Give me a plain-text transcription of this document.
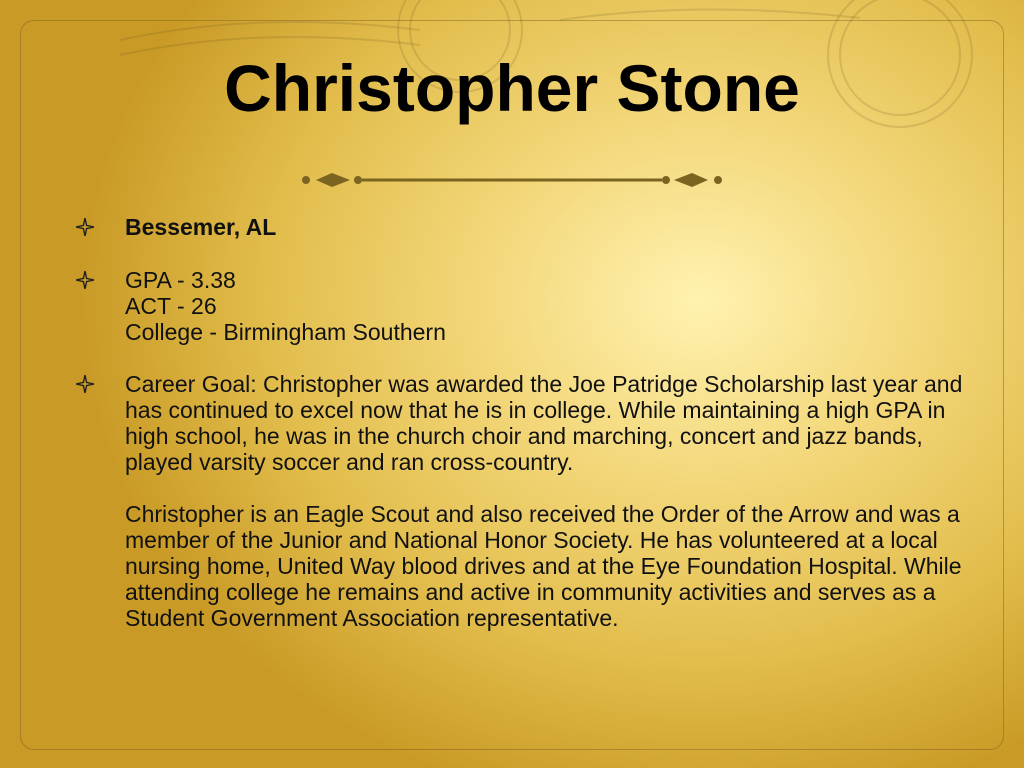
Christopher Stone
Bessemer, AL
GPA - 3.38
ACT - 26
College - Birmingham Southern

Career Goal: Christopher was awarded the Joe Patridge Scholarship last year and has continued to excel now that he is in college. While maintaining a high GPA in high school, he was in the church choir and marching, concert and jazz bands, played varsity soccer and ran cross-country.

Christopher is an Eagle Scout and also received the Order of the Arrow and was a member of the Junior and National Honor Society. He has volunteered at a local nursing home, United Way blood drives and at the Eye Foundation Hospital. While attending college he remains and active in community activities and serves as a Student Government Association representative.
